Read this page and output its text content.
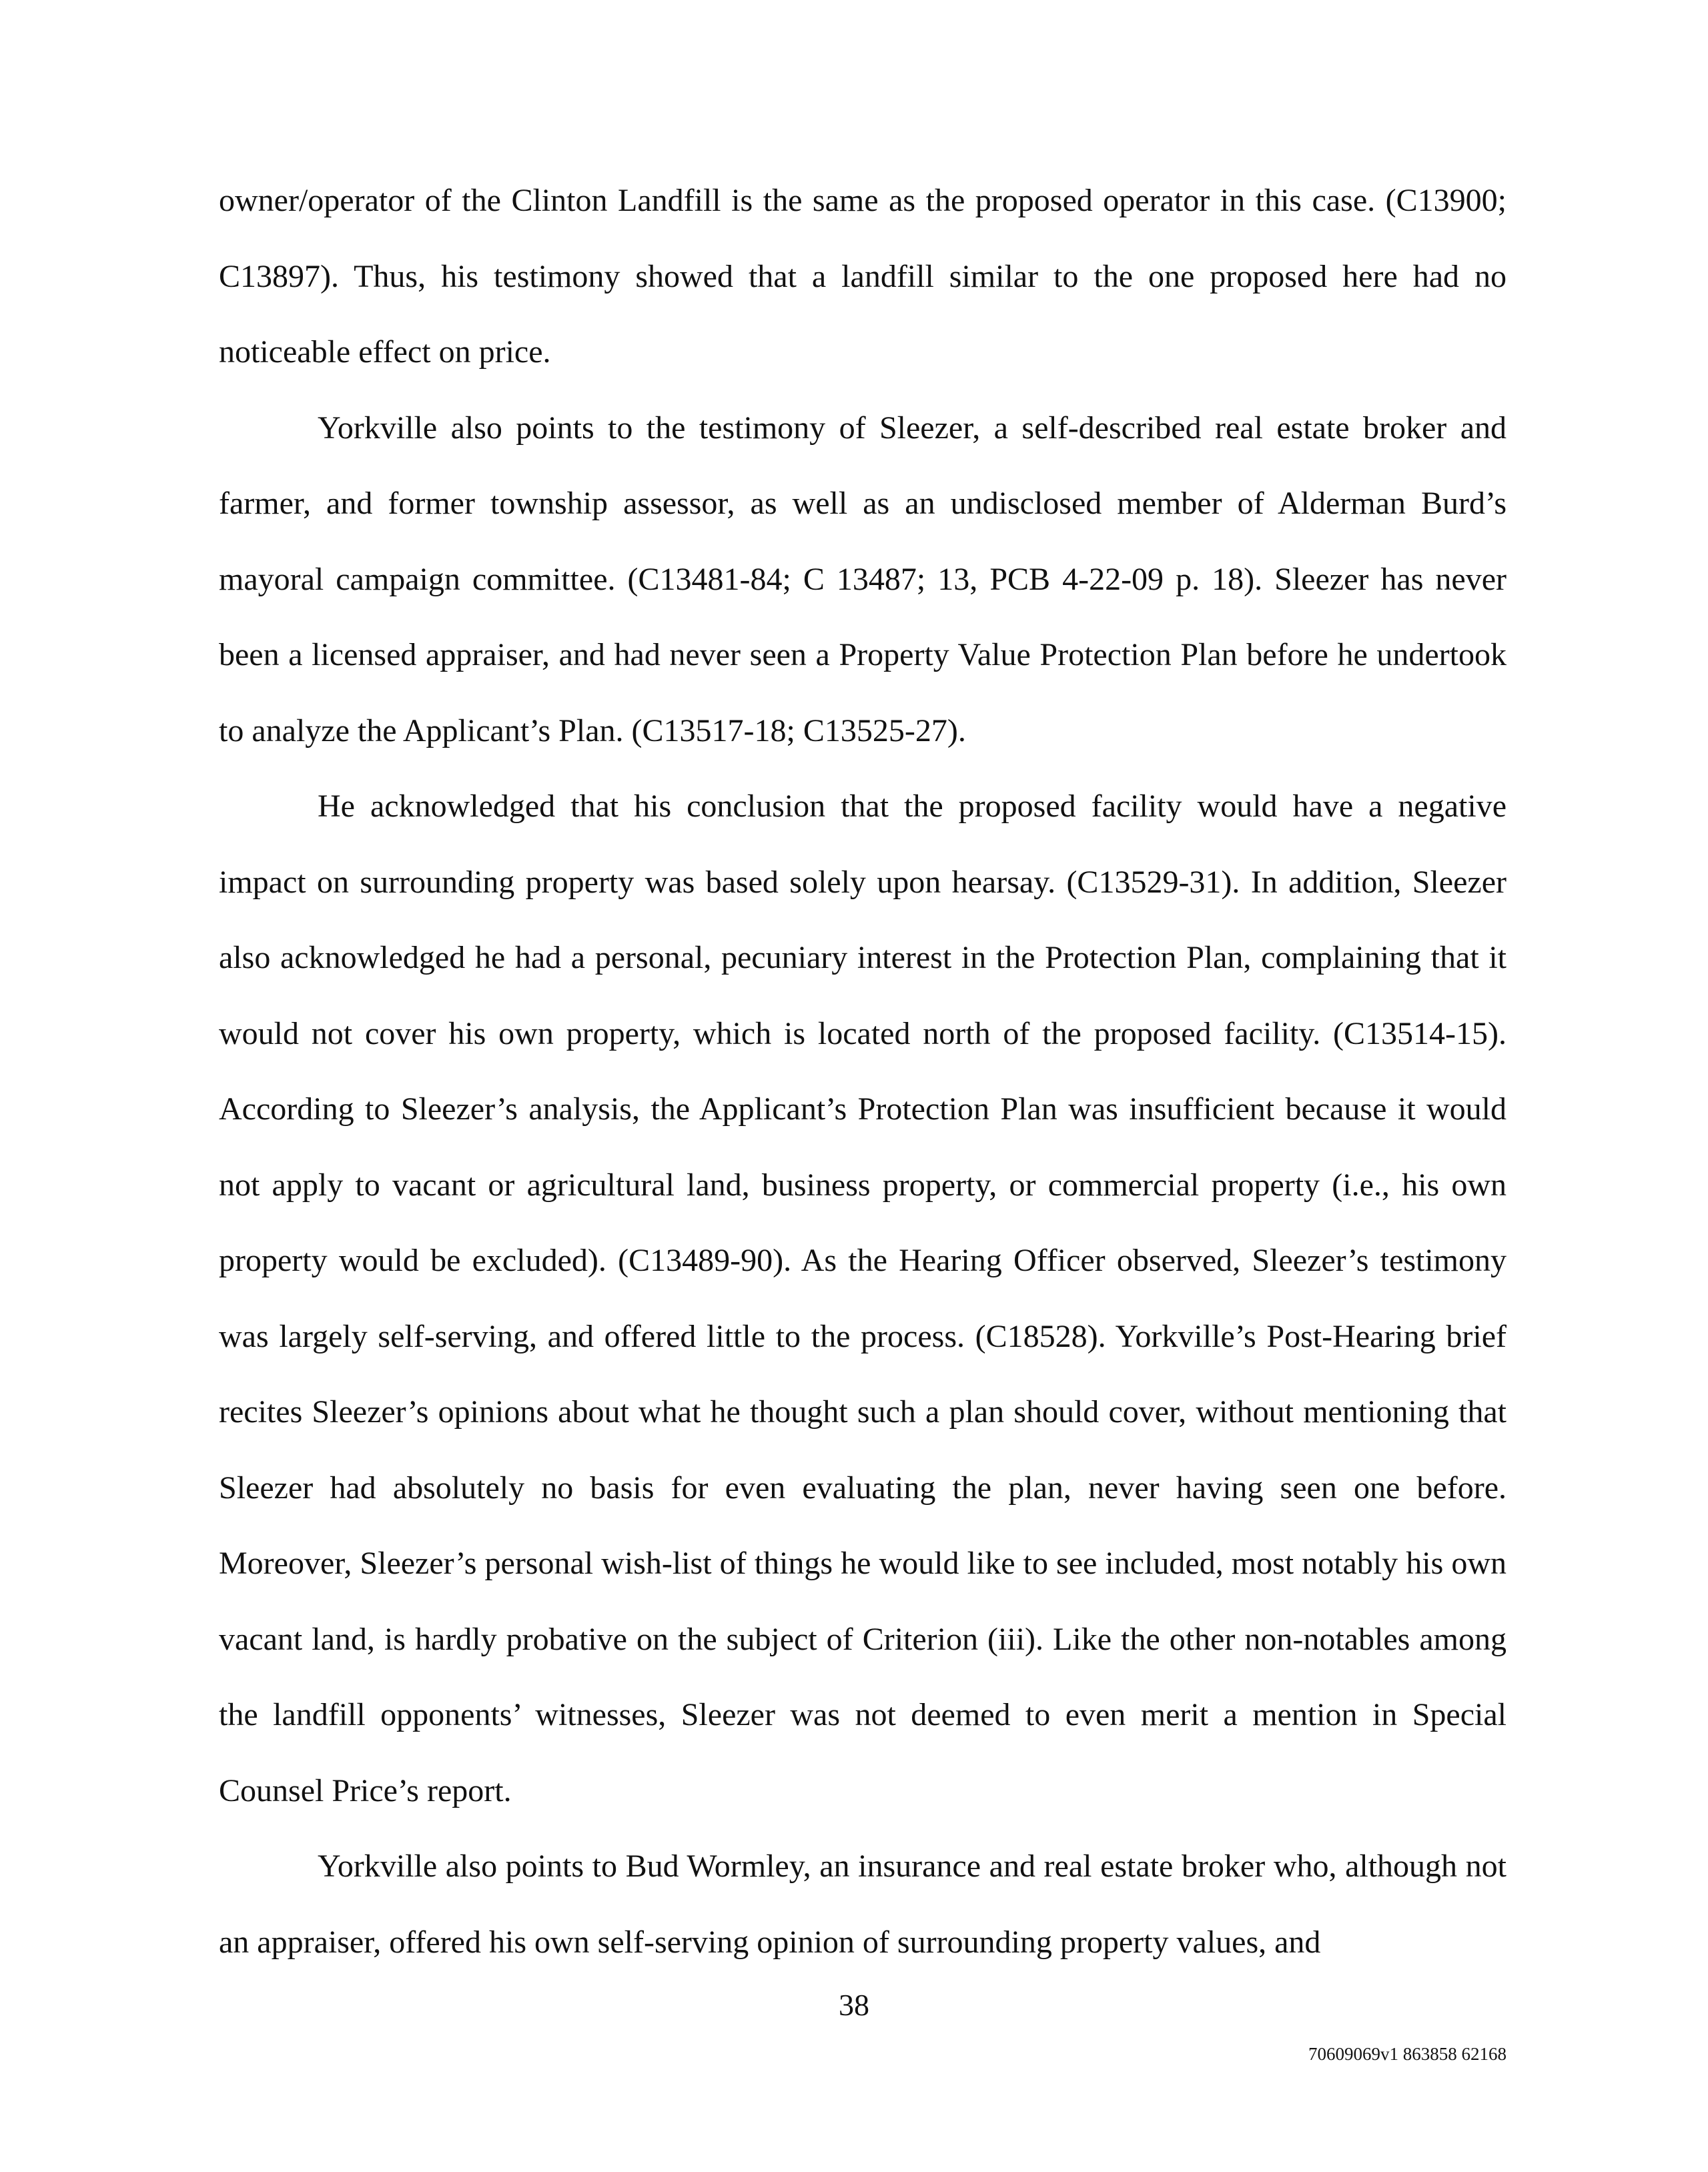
owner/operator of the Clinton Landfill is the same as the proposed operator in this case. (C13900; C13897). Thus, his testimony showed that a landfill similar to the one proposed here had no noticeable effect on price.

Yorkville also points to the testimony of Sleezer, a self-described real estate broker and farmer, and former township assessor, as well as an undisclosed member of Alderman Burd’s mayoral campaign committee. (C13481-84; C 13487; 13, PCB 4-22-09 p. 18). Sleezer has never been a licensed appraiser, and had never seen a Property Value Protection Plan before he undertook to analyze the Applicant’s Plan. (C13517-18; C13525-27).

He acknowledged that his conclusion that the proposed facility would have a negative impact on surrounding property was based solely upon hearsay. (C13529-31). In addition, Sleezer also acknowledged he had a personal, pecuniary interest in the Protection Plan, complaining that it would not cover his own property, which is located north of the proposed facility. (C13514-15). According to Sleezer’s analysis, the Applicant’s Protection Plan was insufficient because it would not apply to vacant or agricultural land, business property, or commercial property (i.e., his own property would be excluded). (C13489-90). As the Hearing Officer observed, Sleezer’s testimony was largely self-serving, and offered little to the process. (C18528). Yorkville’s Post-Hearing brief recites Sleezer’s opinions about what he thought such a plan should cover, without mentioning that Sleezer had absolutely no basis for even evaluating the plan, never having seen one before. Moreover, Sleezer’s personal wish-list of things he would like to see included, most notably his own vacant land, is hardly probative on the subject of Criterion (iii). Like the other non-notables among the landfill opponents’ witnesses, Sleezer was not deemed to even merit a mention in Special Counsel Price’s report.

Yorkville also points to Bud Wormley, an insurance and real estate broker who, although not an appraiser, offered his own self-serving opinion of surrounding property values, and

38
70609069v1 863858 62168
